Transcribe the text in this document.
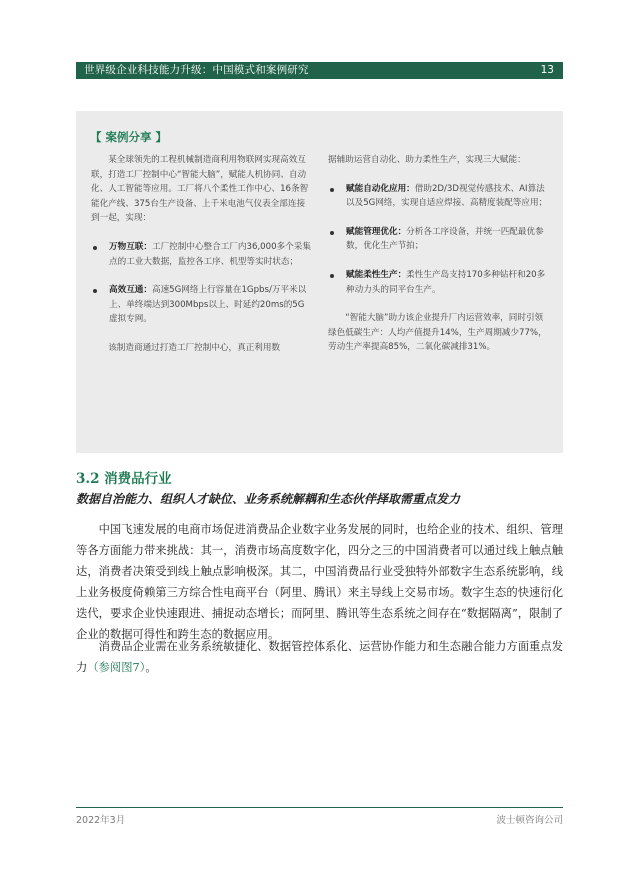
世界级企业科技能力升级：中国模式和案例研究	13
【 案例分享 】

某全球领先的工程机械制造商利用物联网实现高效互联，打造工厂控制中心“智能大脑”，赋能人机协同、自动化、人工智能等应用。工厂将八个柔性工作中心、16条智能化产线、375台生产设备、上千米电池气仪表全部连接到一起，实现：

万物互联：工厂控制中心整合工厂内36,000多个采集点的工业大数据，监控各工序、机型等实时状态；

高效互通：高速5G网络上行容量在1Gpbs/万平米以上、单终端达到300Mbps以上、时延约20ms的5G虚拟专网。

该制造商通过打造工厂控制中心，真正利用数

据辅助运营自动化、助力柔性生产，实现三大赋能：

赋能自动化应用：借助2D/3D视觉传感技术、AI算法以及5G网络，实现自适应焊接、高精度装配等应用；

赋能管理优化：分析各工序设备，并统一匹配最优参数，优化生产节拍；

赋能柔性生产：柔性生产岛支持170多种钻杆和20多种动力头的同平台生产。

“智能大脑”助力该企业提升厂内运营效率，同时引领绿色低碳生产：人均产值提升14%，生产周期减少77%，劳动生产率提高85%，二氧化碳减排31%。

3.2 消费品行业
数据自治能力、组织人才缺位、业务系统解耦和生态伙伴择取需重点发力

中国飞速发展的电商市场促进消费品企业数字业务发展的同时，也给企业的技术、组织、管理等各方面能力带来挑战：其一，消费市场高度数字化，四分之三的中国消费者可以通过线上触点触达，消费者决策受到线上触点影响极深。其二，中国消费品行业受独特外部数字生态系统影响，线上业务极度倚赖第三方综合性电商平台（阿里、腾讯）来主导线上交易市场。数字生态的快速衍化迭代，要求企业快速跟进、捕捉动态增长；而阿里、腾讯等生态系统之间存在“数据隔离”，限制了企业的数据可得性和跨生态的数据应用。

消费品企业需在业务系统敏捷化、数据管控体系化、运营协作能力和生态融合能力方面重点发力（参阅图7）。

2022年3月	波士顿咨询公司
